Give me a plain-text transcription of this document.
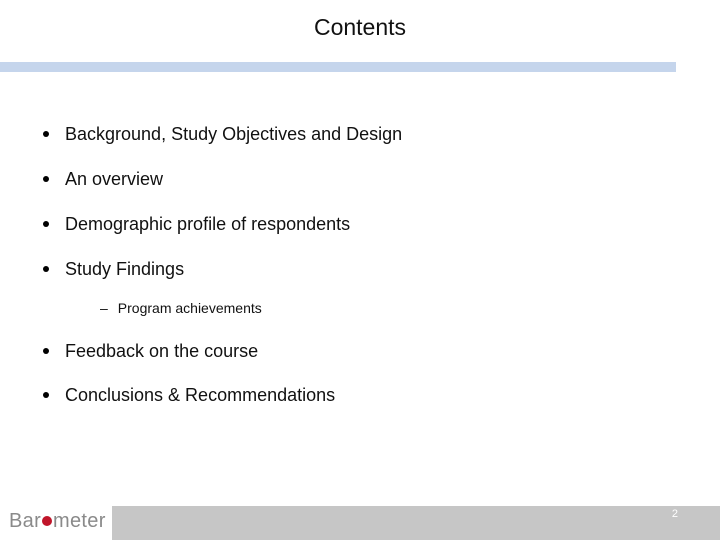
Contents
Background, Study Objectives and Design
An overview
Demographic profile of respondents
Study Findings
– Program achievements
Feedback on the course
Conclusions & Recommendations
Bar meter	2
